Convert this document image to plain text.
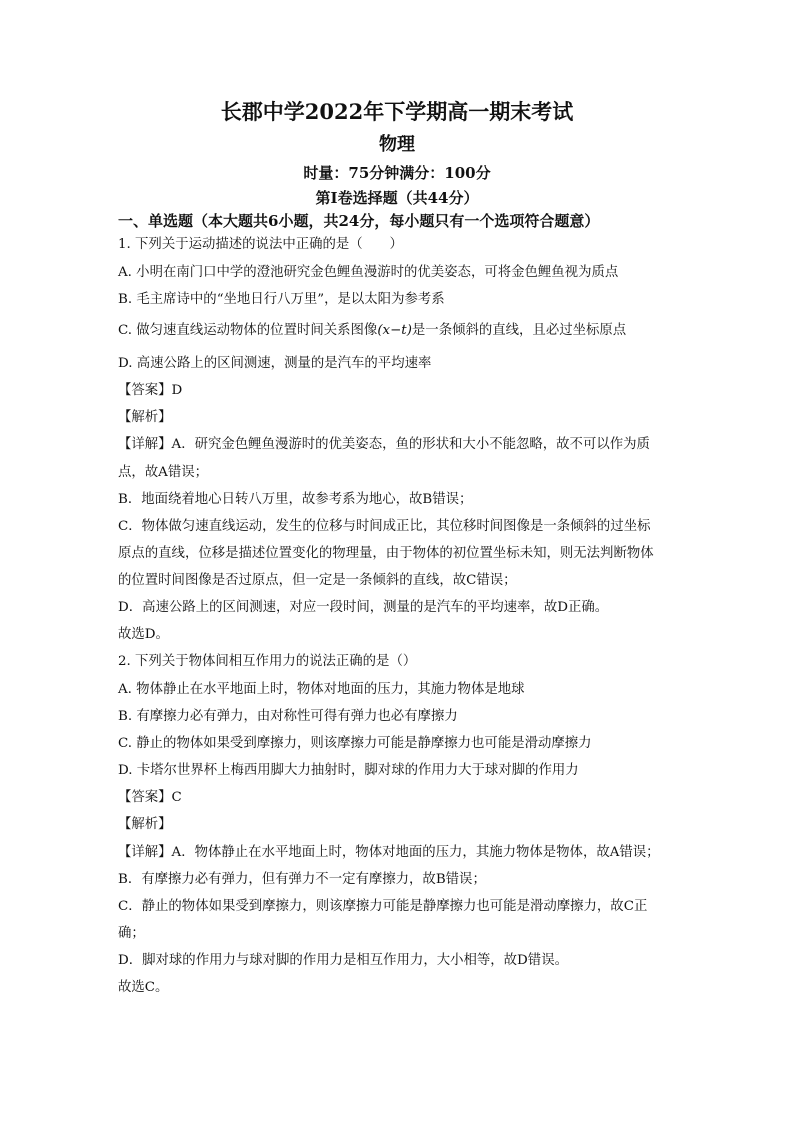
长郡中学2022年下学期高一期末考试
物理
时量：75分钟满分：100分
第Ⅰ卷选择题（共44分）
一、单选题（本大题共6小题，共24分，每小题只有一个选项符合题意）
1. 下列关于运动描述的说法中正确的是（　　）
A. 小明在南门口中学的澄池研究金色鲤鱼漫游时的优美姿态，可将金色鲤鱼视为质点
B. 毛主席诗中的“坐地日行八万里”，是以太阳为参考系
C. 做匀速直线运动物体的位置时间关系图像(x−t)是一条倾斜的直线，且必过坐标原点
D. 高速公路上的区间测速，测量的是汽车的平均速率
【答案】D
【解析】
【详解】A．研究金色鲤鱼漫游时的优美姿态，鱼的形状和大小不能忽略，故不可以作为质
点，故A错误；
B．地面绕着地心日转八万里，故参考系为地心，故B错误；
C．物体做匀速直线运动，发生的位移与时间成正比，其位移时间图像是一条倾斜的过坐标
原点的直线，位移是描述位置变化的物理量，由于物体的初位置坐标未知，则无法判断物体
的位置时间图像是否过原点，但一定是一条倾斜的直线，故C错误；
D．高速公路上的区间测速，对应一段时间，测量的是汽车的平均速率，故D正确。
故选D。
2. 下列关于物体间相互作用力的说法正确的是（）
A. 物体静止在水平地面上时，物体对地面的压力，其施力物体是地球
B. 有摩擦力必有弹力，由对称性可得有弹力也必有摩擦力
C. 静止的物体如果受到摩擦力，则该摩擦力可能是静摩擦力也可能是滑动摩擦力
D. 卡塔尔世界杯上梅西用脚大力抽射时，脚对球的作用力大于球对脚的作用力
【答案】C
【解析】
【详解】A．物体静止在水平地面上时，物体对地面的压力，其施力物体是物体，故A错误；
B．有摩擦力必有弹力，但有弹力不一定有摩擦力，故B错误；
C．静止的物体如果受到摩擦力，则该摩擦力可能是静摩擦力也可能是滑动摩擦力，故C正
确；
D．脚对球的作用力与球对脚的作用力是相互作用力，大小相等，故D错误。
故选C。
